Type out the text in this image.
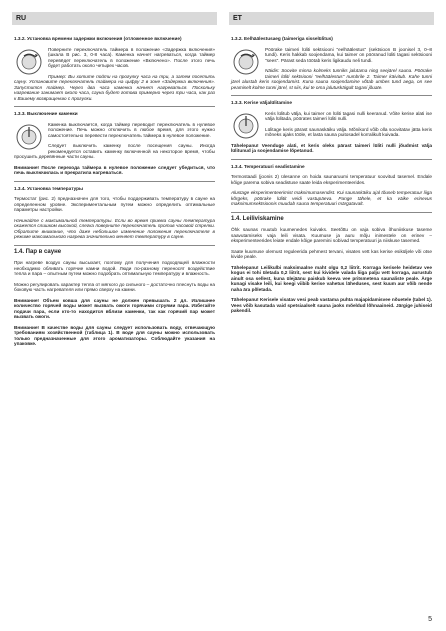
RU	ET

1.3.2. Установка времени задержки включения (отложенное включение)

Поверните переключатель таймера в положение «Задержка включения» (шкала В рис. 3, 0-8 часа). Каменка начнет нагреваться, когда таймер перевёдет переключатель в положение «Включено». После этого печь будет работать около четырех часов.

Пример: Вы хотите пойти на прогулку часа на три, а затем посетить сауну. Установите переключатель таймера на цифру 2 в зоне «Задержка включения». Запустится таймер. Через два часа каменка начнет нагреваться. Поскольку нагревание занимает около часа, сауна будет готова примерно через три часа, как раз к Вашему возвращению с прогулки.

1.3.3. Выключение каменки

Каменка выключается, когда таймер переводит переключатель в нулевое положение. Печь можно отключить в любое время, для этого нужно самостоятельно перевести переключатель таймера в нулевое положение.

Следует выключить каменку после посещения сауны. Иногда рекомендуется оставить каменку включенной на некоторое время, чтобы просушить деревянные части сауны.

Внимание! После перехода таймера в нулевое положение следует убедиться, что печь выключилась и прекратила нагреваться.

1.3.4. Установка температуры

Термостат (рис. 2) предназначен для того, чтобы поддерживать температуру в сауне на определенном уровне. Экспериментальным путем можно определить оптимальные параметры настройки.

Начинайте с максимальной температуры. Если во время приема сауны температура окажется слишком высокой, слегка поверните переключатель против часовой стрелки. Обратите внимание, что даже небольшое изменение положения переключателя в режиме максимального нагрева значительно меняет температуру в сауне.

1.4. Пар в сауне

При нагреве воздух сауны высыхает, поэтому для получения подходящей влажности необходимо обливать горячие камни водой. Люди по-разному переносят воздействие тепла и пара – опытным путем можно подобрать оптимальную температуру и влажность.

Можно регулировать характер тепла от мягкого до сильного – достаточно плеснуть воды на боковую часть нагревателя или прямо сверху на камни.

Внимание! Объем ковша для сауны не должен превышать 2 дл. Излишнее количество горячей воды может вызвать ожоги горячими струями пара. Избегайте подачи пара, если кто-то находится вблизи каменки, так как горячий пар может вызвать ожоги.

Внимание! В качестве воды для сауны следует использовать воду, отвечающую требованиям хозяйственной (таблица 1). В воде для сауны можно использовать только предназначенные для этого ароматизаторы. Соблюдайте указания на упаковке.

1.3.2. Eelhäälestusaeg (taimeriga sisselülitus)

Pöörake taimeri lüliti sektsiooni "eelhäälestus" (sektsioon B joonisel 3, 0–8 tundi). Keris hakkab soojendama, kui taimer on pööranud lüliti tagasi sektsiooni "sees". Pärast seda töötab keris ligikaudu neli tundi.

Näidis: Soovite minna kolmeks tunniks jalutama ning seejärel sauna. Pöörake taimeri lüliti sektsiooni "eelhäälestus" numbrile 2. Taimer käivitub. Kahe tunni järel alustab keris soojendamist. Kuna sauna soojendamine võtab umbes tund aega, on see peamiselt kolme tunni järel, st siis, kui te oma jalutuskäigult tagasi jõuate.

1.3.3. Kerise väljalülitamine

Keris lülitub välja, kui taimer on lüliti tagasi nulli keeranud. Võite kerise alati ise välja lülitada, pöörates taimeri lüliti nulli.

Lülitage keris pärast saunaskäiku välja. Mõnikord võib olla soovitatav jätta keris mõneks ajaks tööle, et lasta sauna puitosadel korralikult kuivada.

Tähelepanu! Veenduge alati, et keris oleks pärast taimeri lüliti nulli jõudmist välja lülitunud ja soojendamise lõpetanud.

1.3.4. Temperatuuri seadistamine

Termostaadi (joonis 2) ülesanne on hoida saunaruumi temperatuur soovitud tasemel. Endale kõige parema sobiva seadistuse saate leida eksperimenteerides.

Alustage eksperimenteerimist maksimumasendist. Kui saunaskäiku ajal tõuseb temperatuur liiga kõrgeks, pöörake lülitit veidi vastupäeva. Pange tähele, et ka väike erinevus maksimumsektsioonis muudab sauna temperatuuri märgatavalt.

1.4. Leiliviskamine

Õhk saunas muutub kuumenedes kuivaks. Seetõttu on vaja sobiva õhuniiskuse taseme saavutamiseks vaja leili visata. Kuumuse ja auru mõju inimestele on erinev – eksperimenteerides leiate endale kõige paremini sobivad temperatuuri ja niiskuse tasemed.

Saate kuumuse olemust reguleerida pehmest tervani, visates vett kas kerise esiküljele või otse kivide peale.

Tähelepanu! Leilikulbi maksimaalne maht olgu 0,2 liitrit. Korraga kerisele heidetav vee kogus ei tohi ületada 0,2 liitrit, sest kui kividele valada liiga palju vett korraga, aurustub ainult osa sellest, kuna ülejäänu paiskub keeva vee pritsmetena saunaliste peale. Ärge kunagi visake leili, kui keegi viibib kerise vahetus läheduses, sest kuum aur võib nende naha ära põletada.

Tähelepanu! Kerisele visatav vesi peab vastama puhta majapidamisvee nõuetele (tabel 1). Vees võib kasutada vaid spetsiaalselt sauna jaoks mõeldud lõhnaaineid. Järgige juhiseid pakendil.

5
